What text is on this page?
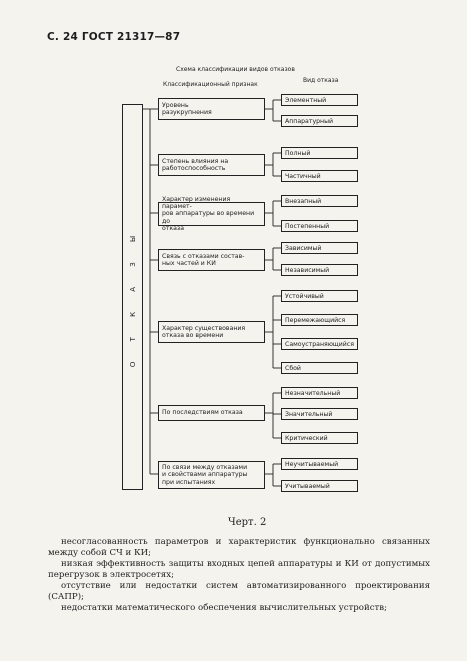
С. 24 ГОСТ 21317—87
Схема классификации видов отказов
Классификационный признак
Вид отказа
О Т К А З Ы
Уровень
разукрупнения
Степень влияния на
работоспособность
Характер изменения парамет-
ров аппаратуры во времени до
отказа
Связь с отказами состав-
ных частей и КИ
Характер существования
отказа во времени
По последствиям отказа
По связи между отказами
и свойствами аппаратуры
при испытаниях
Элементный
Аппаратурный
Полный
Частичный
Внезапный
Постепенный
Зависимый
Независимый
Устойчивый
Перемежающийся
Самоустраняющийся
Сбой
Незначительный
Значительный
Критический
Неучитываемый
Учитываемый
Черт. 2

несогласованность параметров и характеристик функционально связанных между собой СЧ и КИ;

низкая эффективность защиты входных цепей аппаратуры и КИ от допустимых перегрузок в электросетях;

отсутствие или недостатки систем автоматизированного проектирования (САПР);

недостатки математического обеспечения вычислительных устройств;
